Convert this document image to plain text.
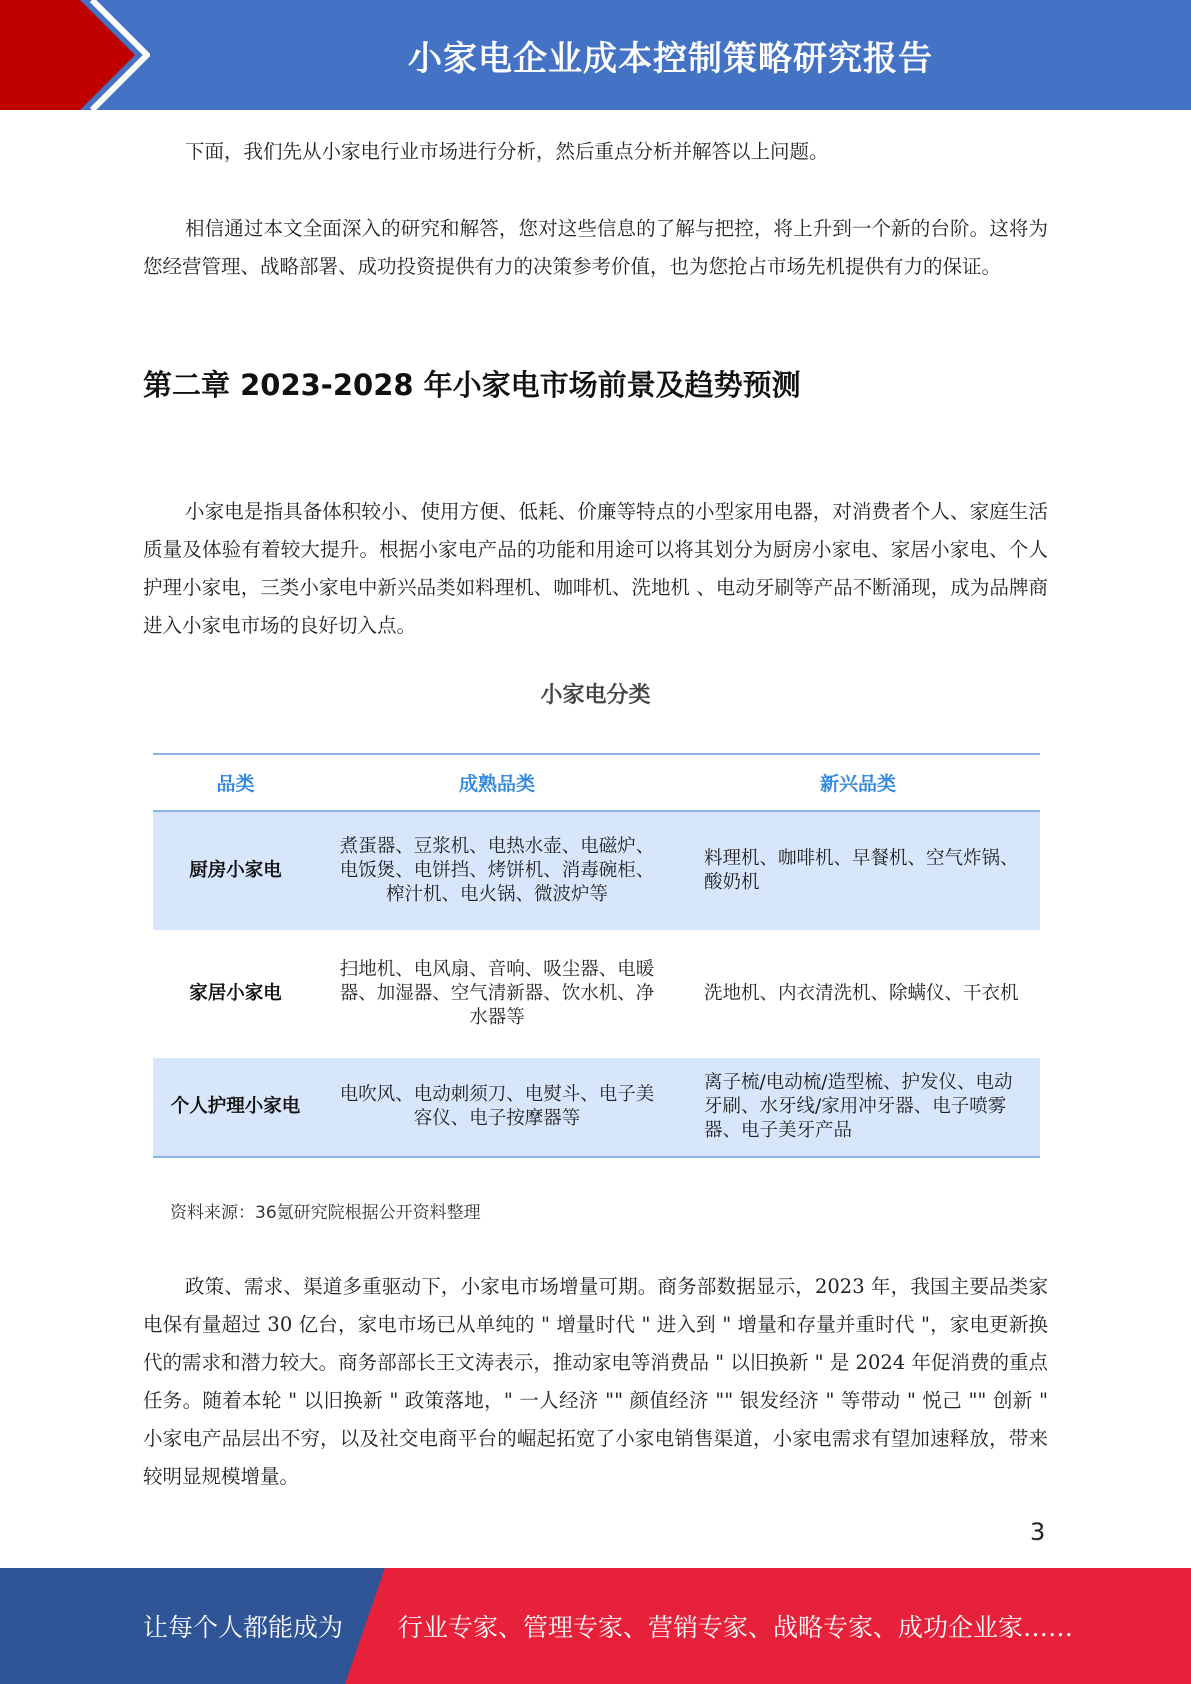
小家电企业成本控制策略研究报告

下面，我们先从小家电行业市场进行分析，然后重点分析并解答以上问题。

相信通过本文全面深入的研究和解答，您对这些信息的了解与把控，将上升到一个新的台阶。这将为您经营管理、战略部署、成功投资提供有力的决策参考价值，也为您抢占市场先机提供有力的保证。

第二章 2023-2028 年小家电市场前景及趋势预测

小家电是指具备体积较小、使用方便、低耗、价廉等特点的小型家用电器，对消费者个人、家庭生活质量及体验有着较大提升。根据小家电产品的功能和用途可以将其划分为厨房小家电、家居小家电、个人护理小家电，三类小家电中新兴品类如料理机、咖啡机、洗地机 、电动牙刷等产品不断涌现，成为品牌商进入小家电市场的良好切入点。

小家电分类
品类	成熟品类	新兴品类
厨房小家电	煮蛋器、豆浆机、电热水壶、电磁炉、电饭煲、电饼挡、烤饼机、消毒碗柜、榨汁机、电火锅、微波炉等	料理机、咖啡机、早餐机、空气炸锅、酸奶机
家居小家电	扫地机、电风扇、音响、吸尘器、电暖器、加湿器、空气清新器、饮水机、净水器等	洗地机、内衣清洗机、除螨仪、干衣机
个人护理小家电	电吹风、电动刺须刀、电熨斗、电子美容仪、电子按摩器等	离子梳/电动梳/造型梳、护发仪、电动牙刷、水牙线/家用冲牙器、电子喷雾器、电子美牙产品
资料来源：36氪研究院根据公开资料整理

政策、需求、渠道多重驱动下，小家电市场增量可期。商务部数据显示，2023 年，我国主要品类家电保有量超过 30 亿台，家电市场已从单纯的 " 增量时代 " 进入到 " 增量和存量并重时代 "，家电更新换代的需求和潜力较大。商务部部长王文涛表示，推动家电等消费品 " 以旧换新 " 是 2024 年促消费的重点任务。随着本轮 " 以旧换新 " 政策落地，" 一人经济 "" 颜值经济 "" 银发经济 " 等带动 " 悦己 "" 创新 " 小家电产品层出不穷，以及社交电商平台的崛起拓宽了小家电销售渠道，小家电需求有望加速释放，带来较明显规模增量。

3
让每个人都能成为 行业专家、管理专家、营销专家、战略专家、成功企业家……
